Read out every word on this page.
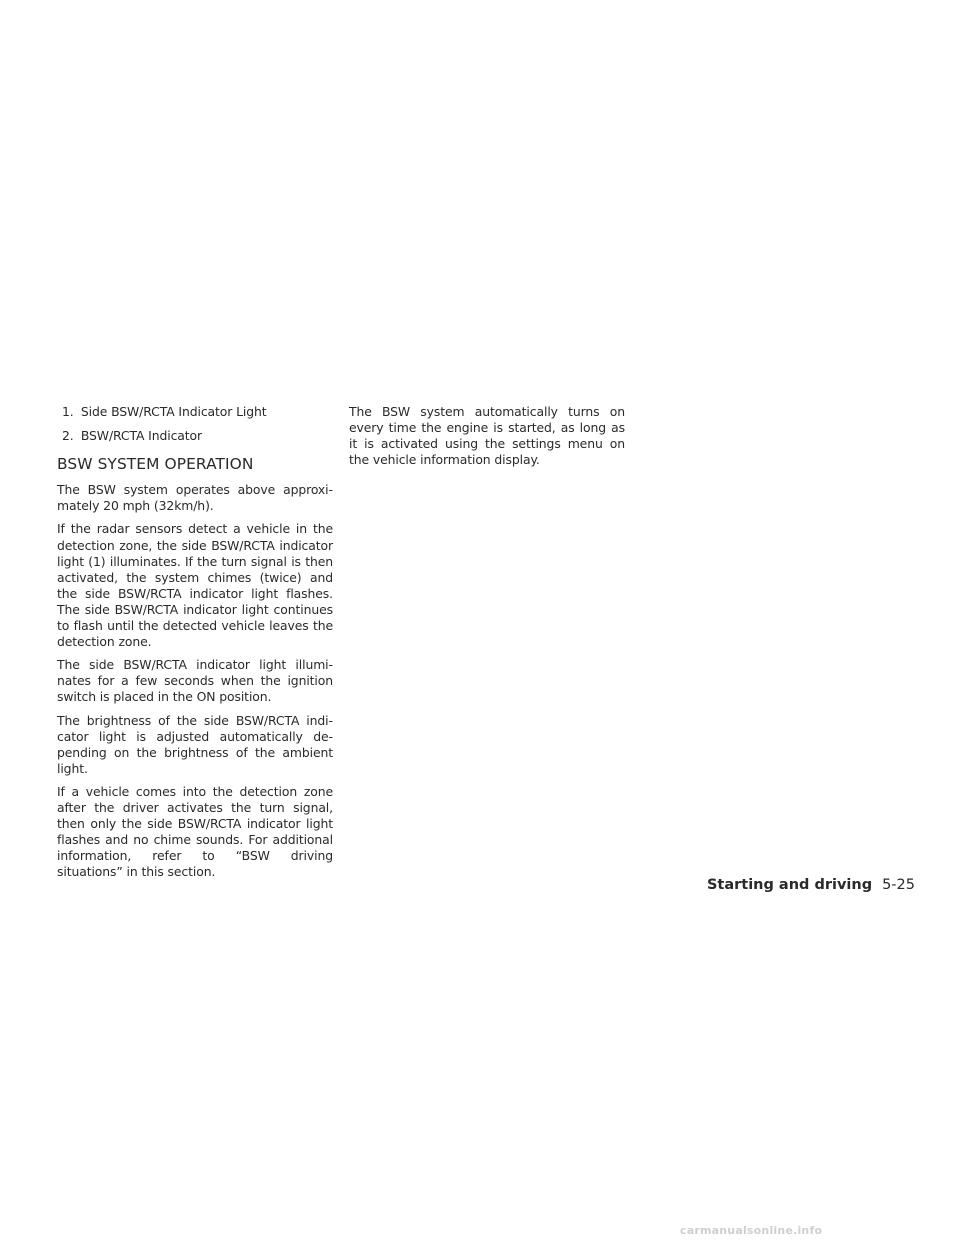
1. Side BSW/RCTA Indicator Light
2. BSW/RCTA Indicator
BSW SYSTEM OPERATION

The BSW system operates above approximately 20 mph (32km/h).

If the radar sensors detect a vehicle in the detection zone, the side BSW/RCTA indicator light (1) illuminates. If the turn signal is then activated, the system chimes (twice) and the side BSW/RCTA indicator light flashes. The side BSW/RCTA indicator light continues to flash until the detected vehicle leaves the detection zone.

The side BSW/RCTA indicator light illuminates for a few seconds when the ignition switch is placed in the ON position.

The brightness of the side BSW/RCTA indicator light is adjusted automatically depending on the brightness of the ambient light.

If a vehicle comes into the detection zone after the driver activates the turn signal, then only the side BSW/RCTA indicator light flashes and no chime sounds. For additional information, refer to “BSW driving situations” in this section.

The BSW system automatically turns on every time the engine is started, as long as it is activated using the settings menu on the vehicle information display.

Starting and driving 5-25
carmanualsonline.info
